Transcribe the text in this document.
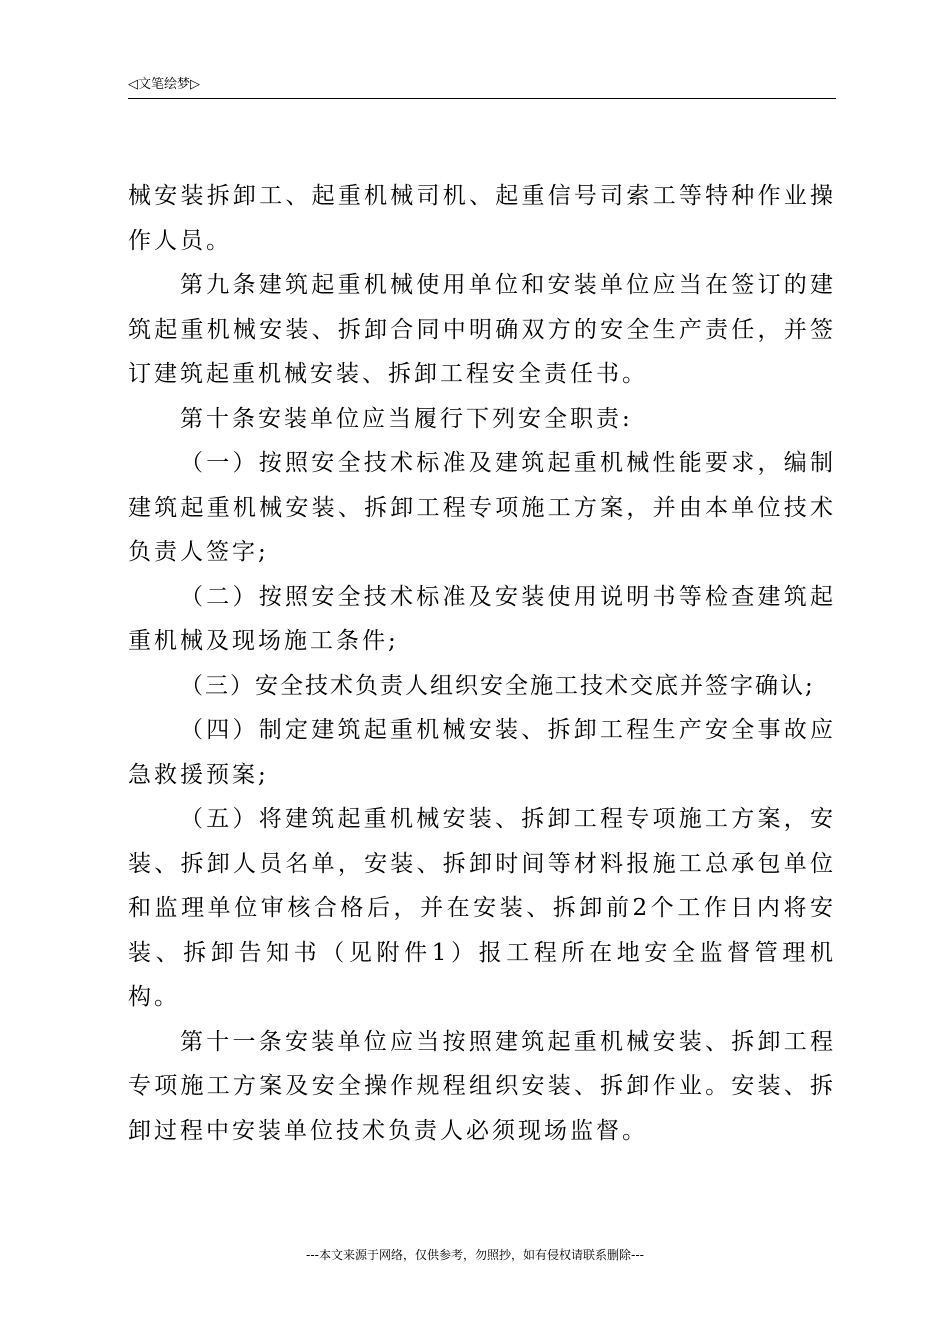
◁文笔绘梦▷

械安装拆卸工、起重机械司机、起重信号司索工等特种作业操作人员。

第九条建筑起重机械使用单位和安装单位应当在签订的建筑起重机械安装、拆卸合同中明确双方的安全生产责任，并签订建筑起重机械安装、拆卸工程安全责任书。

第十条安装单位应当履行下列安全职责:

（一）按照安全技术标准及建筑起重机械性能要求，编制建筑起重机械安装、拆卸工程专项施工方案，并由本单位技术负责人签字;

（二）按照安全技术标准及安装使用说明书等检查建筑起重机械及现场施工条件;

（三）安全技术负责人组织安全施工技术交底并签字确认;

（四）制定建筑起重机械安装、拆卸工程生产安全事故应急救援预案;

（五）将建筑起重机械安装、拆卸工程专项施工方案，安装、拆卸人员名单，安装、拆卸时间等材料报施工总承包单位和监理单位审核合格后，并在安装、拆卸前2个工作日内将安装、拆卸告知书（见附件1）报工程所在地安全监督管理机构。

第十一条安装单位应当按照建筑起重机械安装、拆卸工程专项施工方案及安全操作规程组织安装、拆卸作业。安装、拆卸过程中安装单位技术负责人必须现场监督。

---本文来源于网络，仅供参考，勿照抄，如有侵权请联系删除---
